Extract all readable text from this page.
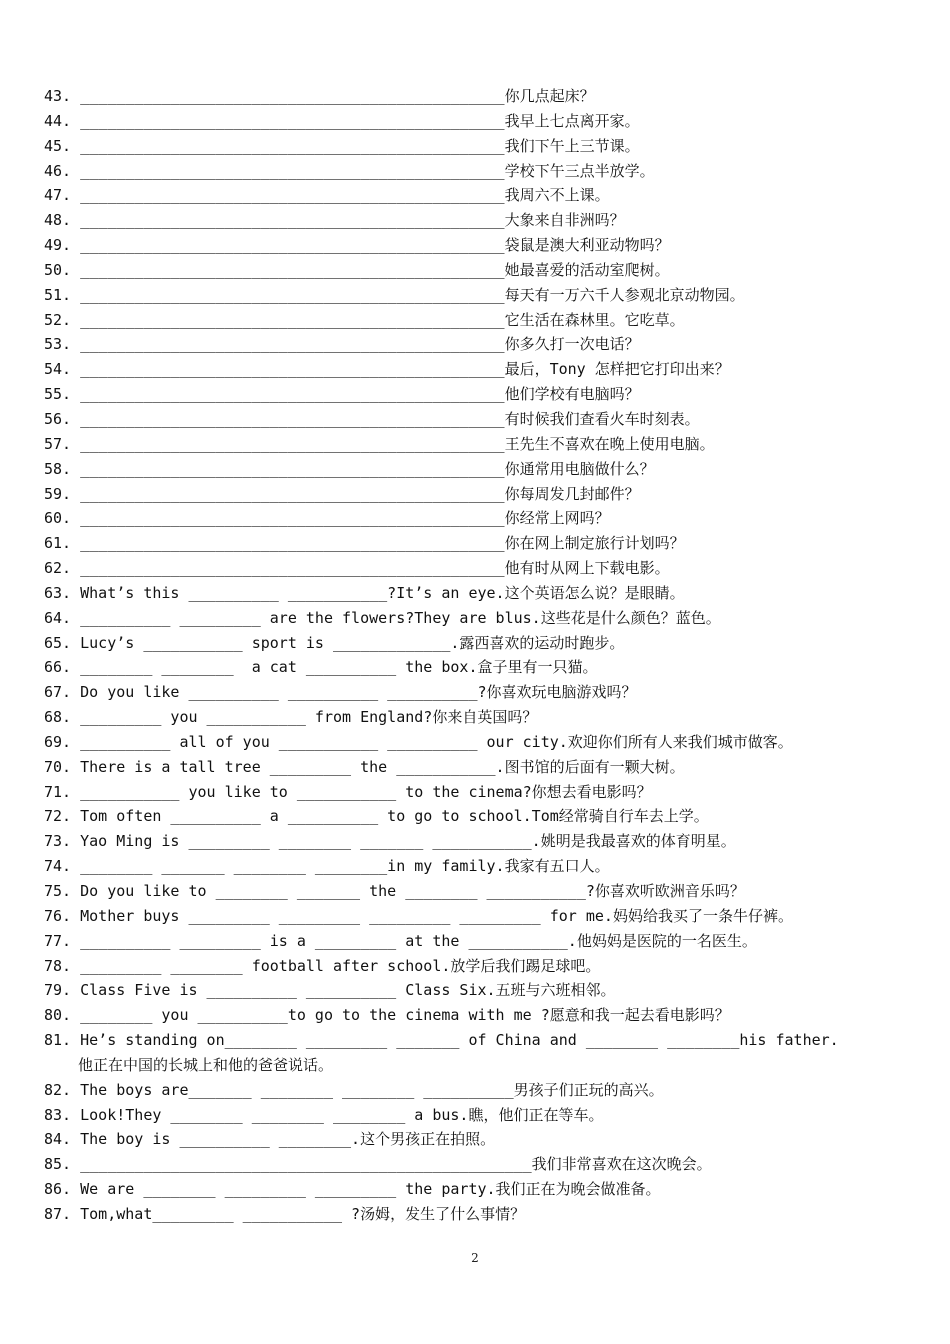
43. _______________________________________________你几点起床？
44. _______________________________________________我早上七点离开家。
45. _______________________________________________我们下午上三节课。
46. _______________________________________________学校下午三点半放学。
47. _______________________________________________我周六不上课。
48. _______________________________________________大象来自非洲吗？
49. _______________________________________________袋鼠是澳大利亚动物吗？
50. _______________________________________________她最喜爱的活动室爬树。
51. _______________________________________________每天有一万六千人参观北京动物园。
52. _______________________________________________它生活在森林里。它吃草。
53. _______________________________________________你多久打一次电话？
54. _______________________________________________最后，Tony 怎样把它打印出来？
55. _______________________________________________他们学校有电脑吗？
56. _______________________________________________有时候我们查看火车时刻表。
57. _______________________________________________王先生不喜欢在晚上使用电脑。
58. _______________________________________________你通常用电脑做什么？
59. _______________________________________________你每周发几封邮件？
60. _______________________________________________你经常上网吗？
61. _______________________________________________你在网上制定旅行计划吗？
62. _______________________________________________他有时从网上下载电影。
63. What’s this __________ ___________?It’s an eye.这个英语怎么说？是眼睛。
64. __________ _________ are the flowers?They are blus.这些花是什么颜色？蓝色。
65. Lucy’s ___________ sport is _____________.露西喜欢的运动时跑步。
66. ________ ________  a cat __________ the box.盒子里有一只猫。
67. Do you like __________ __________ __________?你喜欢玩电脑游戏吗？
68. _________ you ___________ from England?你来自英国吗？
69. __________ all of you ___________ __________ our city.欢迎你们所有人来我们城市做客。
70. There is a tall tree _________ the ___________.图书馆的后面有一颗大树。
71. ___________ you like to ___________ to the cinema?你想去看电影吗？
72. Tom often __________ a __________ to go to school.Tom经常骑自行车去上学。
73. Yao Ming is _________ ________ _______ ___________.姚明是我最喜欢的体育明星。
74. ________ _______ ________ ________in my family.我家有五口人。
75. Do you like to ________ _______ the ________ ___________?你喜欢听欧洲音乐吗？
76. Mother buys _________ _________ _________ _________ for me.妈妈给我买了一条牛仔裤。
77. __________ _________ is a _________ at the ___________.他妈妈是医院的一名医生。
78. _________ ________ football after school.放学后我们踢足球吧。
79. Class Five is __________ __________ Class Six.五班与六班相邻。
80. ________ you __________to go to the cinema with me ?愿意和我一起去看电影吗？
81. He’s standing on________ _________ _______ of China and ________ ________his father.
他正在中国的长城上和他的爸爸说话。
82. The boys are_______ ________ ________ __________男孩子们正玩的高兴。
83. Look!They ________ ________ ________ a bus.瞧，他们正在等车。
84. The boy is __________ ________.这个男孩正在拍照。
85. __________________________________________________我们非常喜欢在这次晚会。
86. We are ________ _________ _________ the party.我们正在为晚会做准备。
87. Tom,what_________ ___________ ?汤姆，发生了什么事情？
2
